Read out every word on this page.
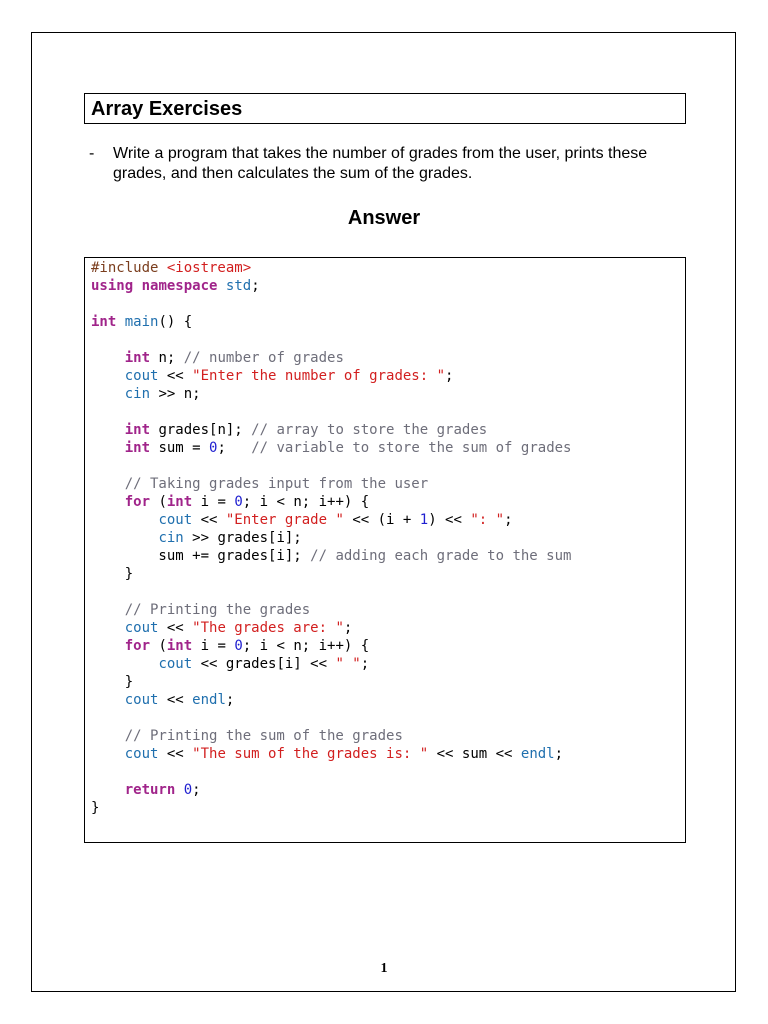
Array Exercises
- Write a program that takes the number of grades from the user, prints these grades, and then calculates the sum of the grades.
Answer
#include <iostream>
using namespace std;
int main() {
int n; // number of grades
cout << "Enter the number of grades: ";
cin >> n;
int grades[n]; // array to store the grades
int sum = 0;   // variable to store the sum of grades
// Taking grades input from the user
for (int i = 0; i < n; i++) {
cout << "Enter grade " << (i + 1) << ": ";
cin >> grades[i];
sum += grades[i]; // adding each grade to the sum
}
// Printing the grades
cout << "The grades are: ";
for (int i = 0; i < n; i++) {
cout << grades[i] << " ";
}
cout << endl;
// Printing the sum of the grades
cout << "The sum of the grades is: " << sum << endl;
return 0;
}
1
